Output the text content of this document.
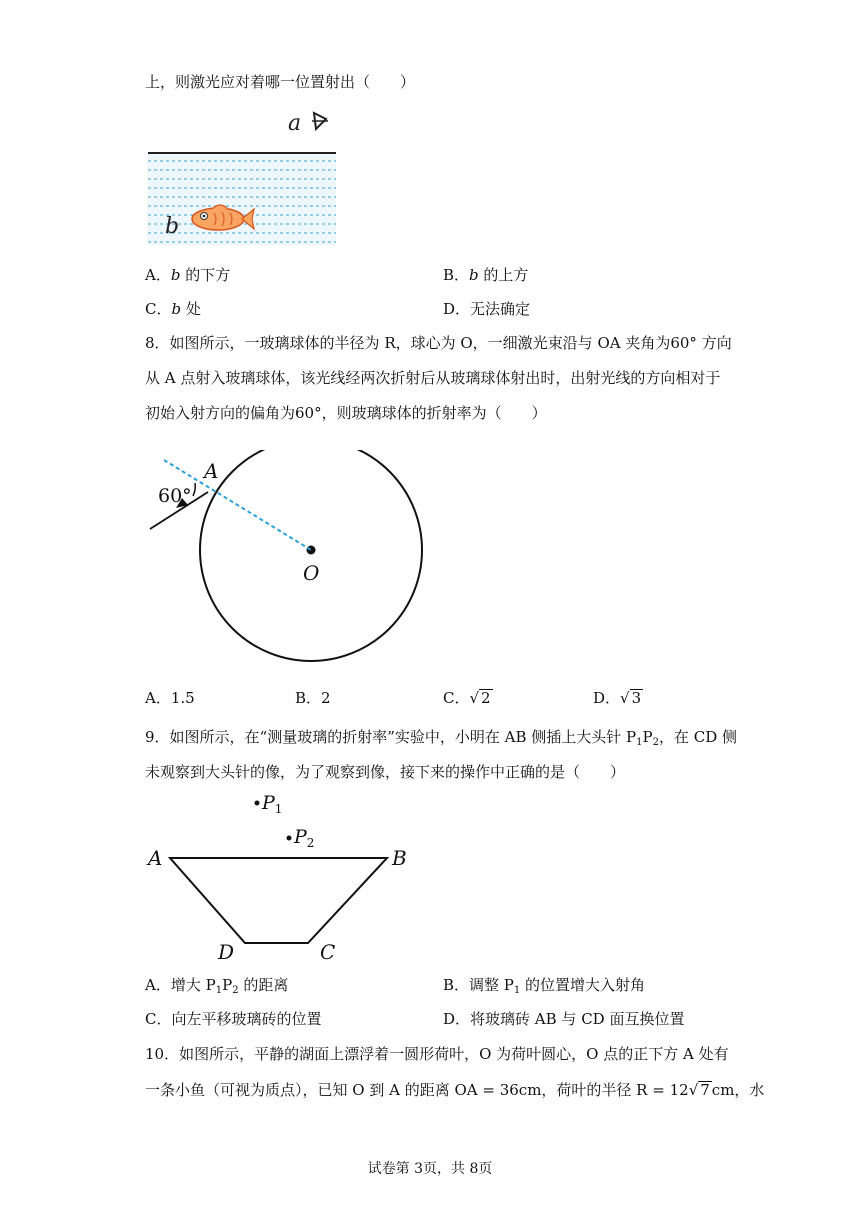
上，则激光应对着哪一位置射出（　　）
a
b
A．b 的下方	B．b 的上方
C．b 处	D．无法确定
8．如图所示，一玻璃球体的半径为 R，球心为 O，一细激光束沿与 OA 夹角为60° 方向
从 A 点射入玻璃球体，该光线经两次折射后从玻璃球体射出时，出射光线的方向相对于
初始入射方向的偏角为60°，则玻璃球体的折射率为（　　）
A
60°
O
A．1.5	B．2	C．√ 2	D．√ 3
9．如图所示，在“测量玻璃的折射率”实验中，小明在 AB 侧插上大头针 $P_1P_2$，在 CD 侧
未观察到大头针的像，为了观察到像，接下来的操作中正确的是（　　）
$P_1$
$P_2$
A	B
D	C
A．增大 $P_1P_2$ 的距离	B．调整 $P_1$ 的位置增大入射角
C．向左平移玻璃砖的位置	D．将玻璃砖 AB 与 CD 面互换位置
10．如图所示，平静的湖面上漂浮着一圆形荷叶，O 为荷叶圆心，O 点的正下方 A 处有
一条小鱼（可视为质点），已知 O 到 A 的距离 OA = 36cm，荷叶的半径 R = 12√ 7 cm，水
试卷第 3页，共 8页
